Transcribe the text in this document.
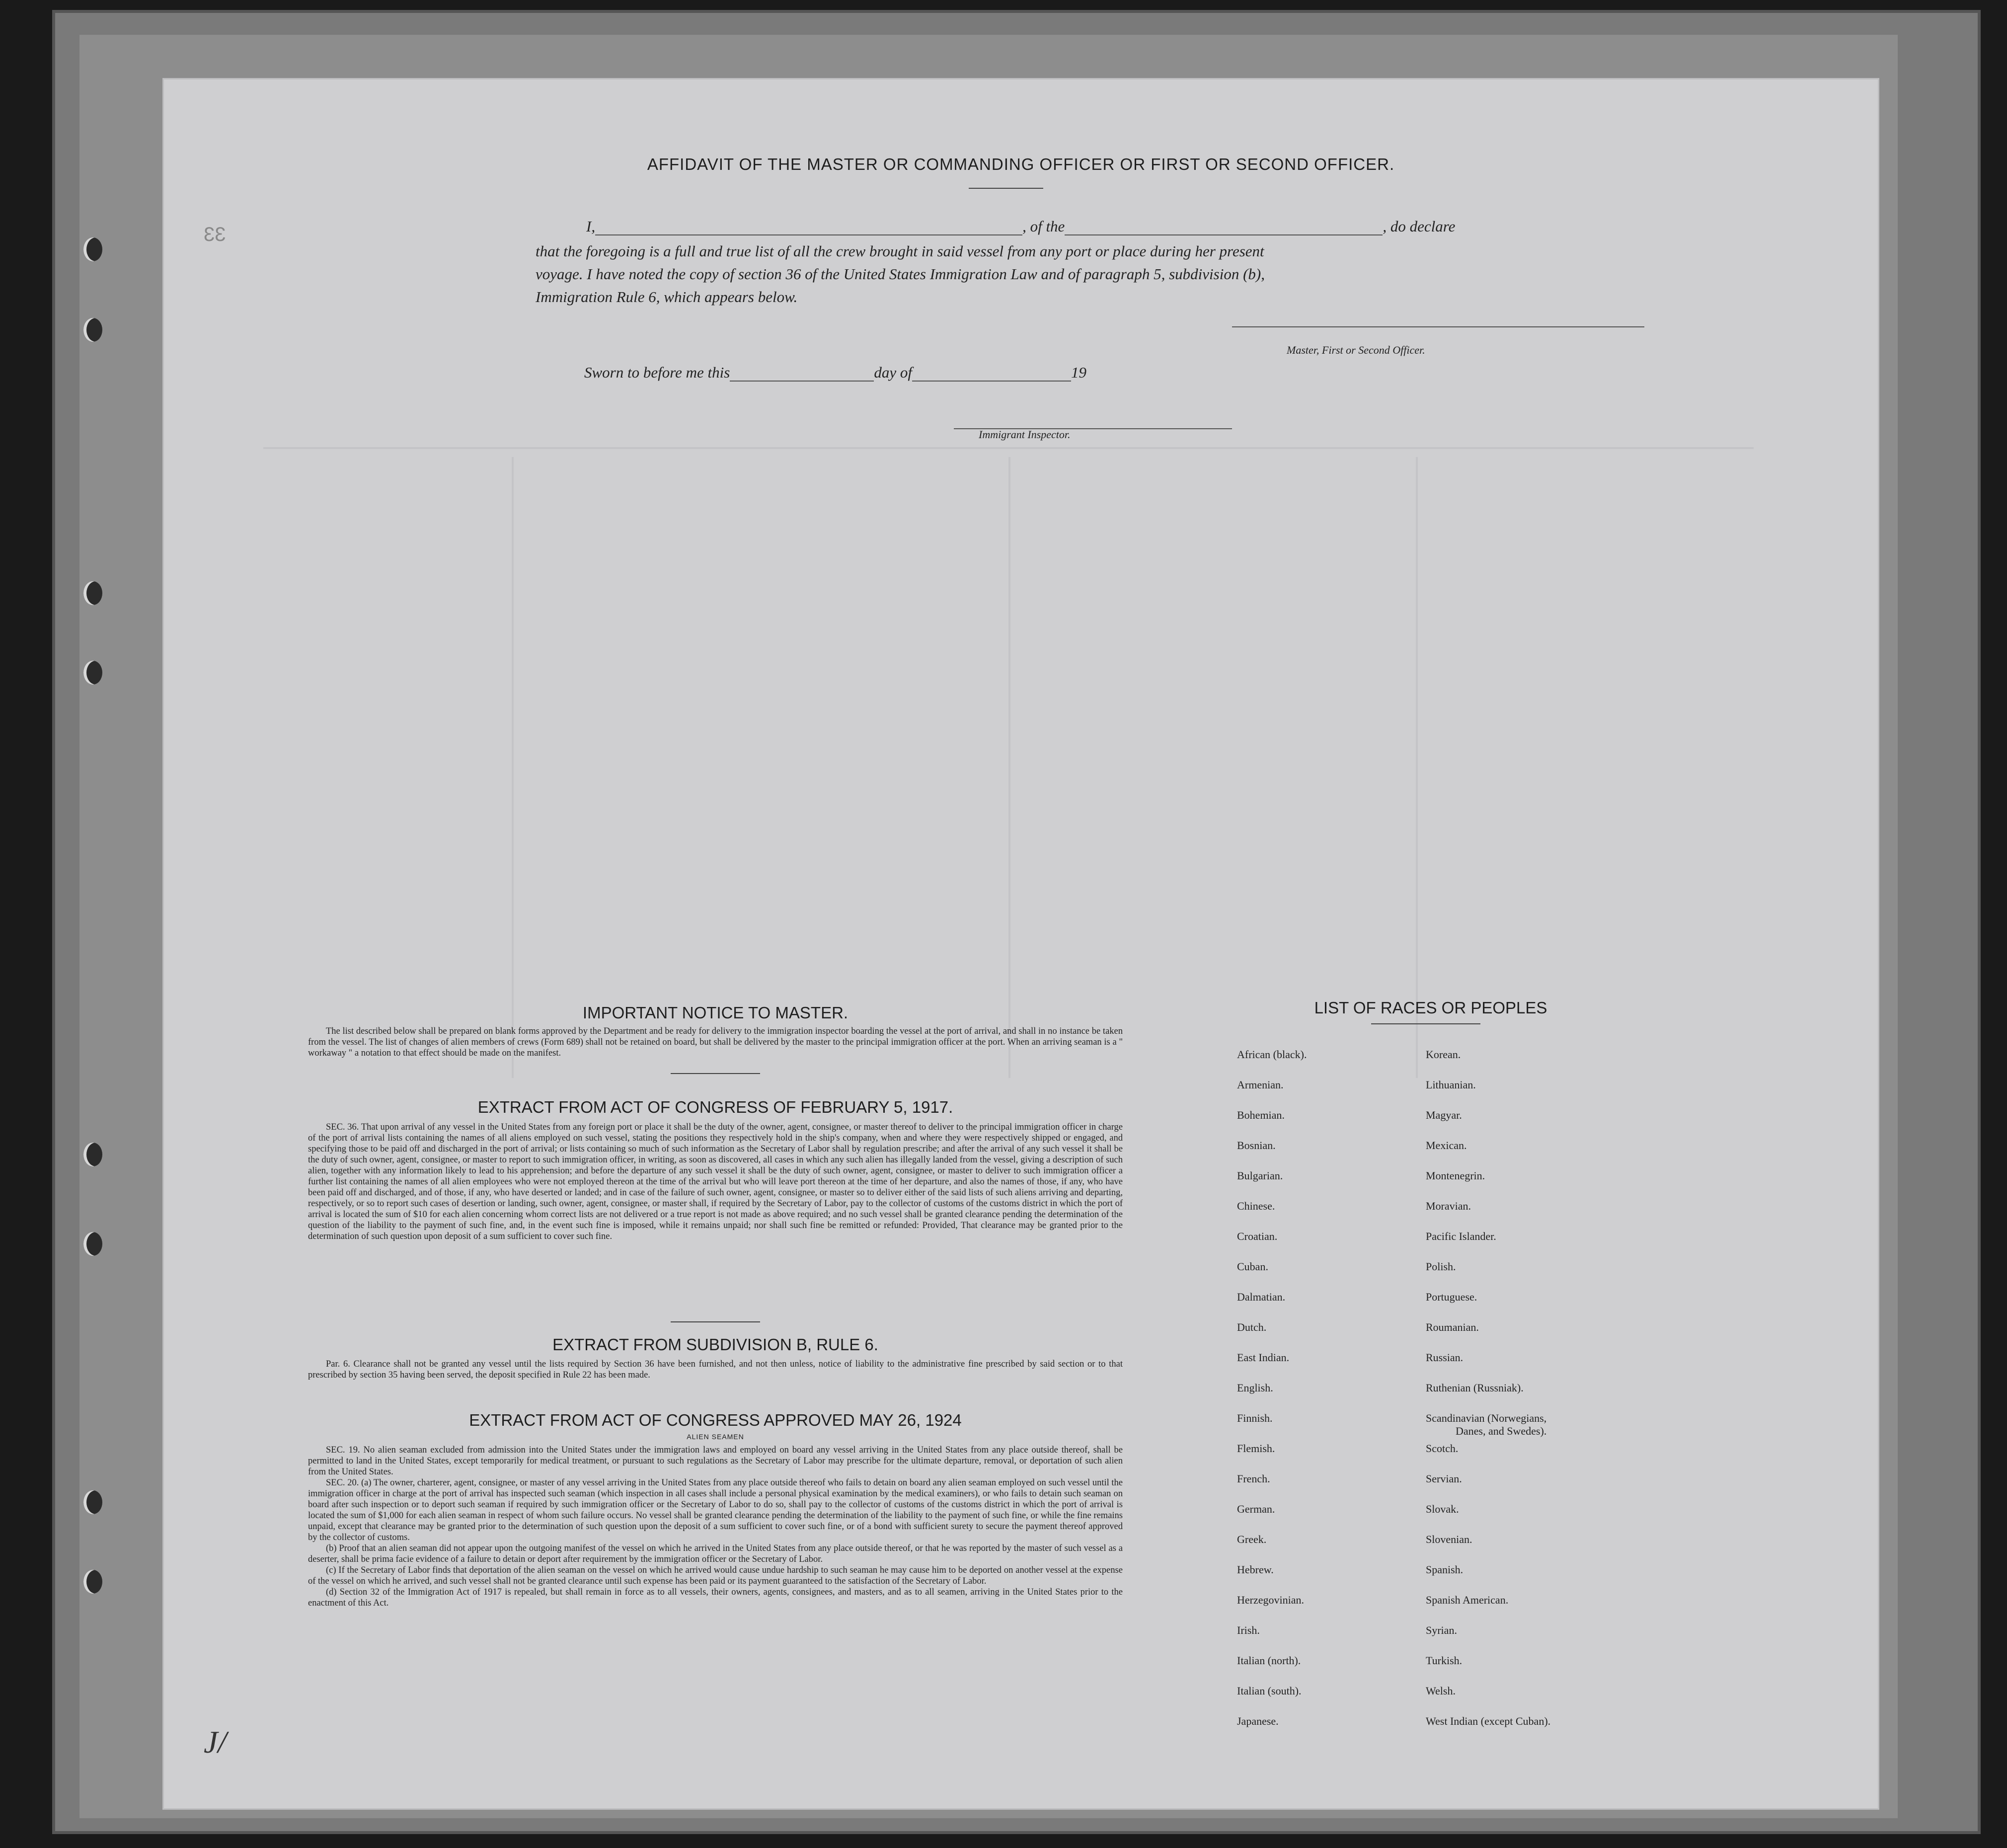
33
J/
AFFIDAVIT OF THE MASTER OR COMMANDING OFFICER OR FIRST OR SECOND OFFICER.
I,	, of the	, do declare
that the foregoing is a full and true list of all the crew brought in said vessel from any port or place during her present
voyage. I have noted the copy of section 36 of the United States Immigration Law and of paragraph 5, subdivision (b),
Immigration Rule 6, which appears below.
Master, First or Second Officer.
Sworn to before me this	day of	19
Immigrant Inspector.
IMPORTANT NOTICE TO MASTER.

The list described below shall be prepared on blank forms approved by the Department and be ready for delivery to the immigration inspector boarding the vessel at the port of arrival, and shall in no instance be taken from the vessel. The list of changes of alien members of crews (Form 689) shall not be retained on board, but shall be delivered by the master to the principal immigration officer at the port. When an arriving seaman is a " workaway " a notation to that effect should be made on the manifest.

EXTRACT FROM ACT OF CONGRESS OF FEBRUARY 5, 1917.

SEC. 36. That upon arrival of any vessel in the United States from any foreign port or place it shall be the duty of the owner, agent, consignee, or master thereof to deliver to the principal immigration officer in charge of the port of arrival lists containing the names of all aliens employed on such vessel, stating the positions they respectively hold in the ship's company, when and where they were respectively shipped or engaged, and specifying those to be paid off and discharged in the port of arrival; or lists containing so much of such information as the Secretary of Labor shall by regulation prescribe; and after the arrival of any such vessel it shall be the duty of such owner, agent, consignee, or master to report to such immigration officer, in writing, as soon as discovered, all cases in which any such alien has illegally landed from the vessel, giving a description of such alien, together with any information likely to lead to his apprehension; and before the departure of any such vessel it shall be the duty of such owner, agent, consignee, or master to deliver to such immigration officer a further list containing the names of all alien employees who were not employed thereon at the time of the arrival but who will leave port thereon at the time of her departure, and also the names of those, if any, who have been paid off and discharged, and of those, if any, who have deserted or landed; and in case of the failure of such owner, agent, consignee, or master so to deliver either of the said lists of such aliens arriving and departing, respectively, or so to report such cases of desertion or landing, such owner, agent, consignee, or master shall, if required by the Secretary of Labor, pay to the collector of customs of the customs district in which the port of arrival is located the sum of $10 for each alien concerning whom correct lists are not delivered or a true report is not made as above required; and no such vessel shall be granted clearance pending the determination of the question of the liability to the payment of such fine, and, in the event such fine is imposed, while it remains unpaid; nor shall such fine be remitted or refunded: Provided, That clearance may be granted prior to the determination of such question upon deposit of a sum sufficient to cover such fine.

EXTRACT FROM SUBDIVISION B, RULE 6.

Par. 6. Clearance shall not be granted any vessel until the lists required by Section 36 have been furnished, and not then unless, notice of liability to the administrative fine prescribed by said section or to that prescribed by section 35 having been served, the deposit specified in Rule 22 has been made.

EXTRACT FROM ACT OF CONGRESS APPROVED MAY 26, 1924
ALIEN SEAMEN

SEC. 19. No alien seaman excluded from admission into the United States under the immigration laws and employed on board any vessel arriving in the United States from any place outside thereof, shall be permitted to land in the United States, except temporarily for medical treatment, or pursuant to such regulations as the Secretary of Labor may prescribe for the ultimate departure, removal, or deportation of such alien from the United States.

SEC. 20. (a) The owner, charterer, agent, consignee, or master of any vessel arriving in the United States from any place outside thereof who fails to detain on board any alien seaman employed on such vessel until the immigration officer in charge at the port of arrival has inspected such seaman (which inspection in all cases shall include a personal physical examination by the medical examiners), or who fails to detain such seaman on board after such inspection or to deport such seaman if required by such immigration officer or the Secretary of Labor to do so, shall pay to the collector of customs of the customs district in which the port of arrival is located the sum of $1,000 for each alien seaman in respect of whom such failure occurs. No vessel shall be granted clearance pending the determination of the liability to the payment of such fine, or while the fine remains unpaid, except that clearance may be granted prior to the determination of such question upon the deposit of a sum sufficient to cover such fine, or of a bond with sufficient surety to secure the payment thereof approved by the collector of customs.

(b) Proof that an alien seaman did not appear upon the outgoing manifest of the vessel on which he arrived in the United States from any place outside thereof, or that he was reported by the master of such vessel as a deserter, shall be prima facie evidence of a failure to detain or deport after requirement by the immigration officer or the Secretary of Labor.

(c) If the Secretary of Labor finds that deportation of the alien seaman on the vessel on which he arrived would cause undue hardship to such seaman he may cause him to be deported on another vessel at the expense of the vessel on which he arrived, and such vessel shall not be granted clearance until such expense has been paid or its payment guaranteed to the satisfaction of the Secretary of Labor.

(d) Section 32 of the Immigration Act of 1917 is repealed, but shall remain in force as to all vessels, their owners, agents, consignees, and masters, and as to all seamen, arriving in the United States prior to the enactment of this Act.

LIST OF RACES OR PEOPLES
African (black).
Armenian.
Bohemian.
Bosnian.
Bulgarian.
Chinese.
Croatian.
Cuban.
Dalmatian.
Dutch.
East Indian.
English.
Finnish.
Flemish.
French.
German.
Greek.
Hebrew.
Herzegovinian.
Irish.
Italian (north).
Italian (south).
Japanese.
Korean.
Lithuanian.
Magyar.
Mexican.
Montenegrin.
Moravian.
Pacific Islander.
Polish.
Portuguese.
Roumanian.
Russian.
Ruthenian (Russniak).
Scandinavian (Norwegians,
Danes, and Swedes).
Scotch.
Servian.
Slovak.
Slovenian.
Spanish.
Spanish American.
Syrian.
Turkish.
Welsh.
West Indian (except Cuban).
